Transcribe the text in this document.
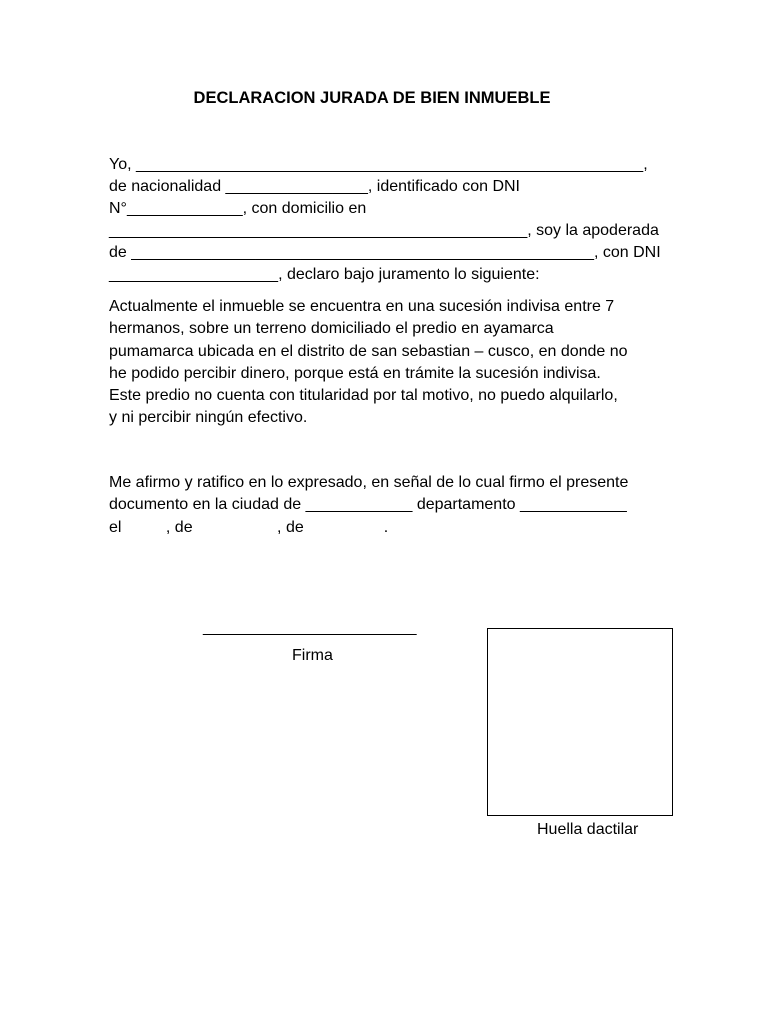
DECLARACION JURADA DE BIEN INMUEBLE
Yo, _________________________________________________________,
de nacionalidad ________________, identificado con DNI
N°_____________, con domicilio en
_______________________________________________, soy la apoderada
de ____________________________________________________, con DNI
___________________, declaro bajo juramento lo siguiente:
Actualmente el inmueble se encuentra en una sucesión indivisa entre 7
hermanos, sobre un terreno domiciliado el predio en ayamarca
pumamarca ubicada en el distrito de san sebastian – cusco, en donde no
he podido percibir dinero, porque está en trámite la sucesión indivisa.
Este predio no cuenta con titularidad por tal motivo, no puedo alquilarlo,
y ni percibir ningún efectivo.
Me afirmo y ratifico en lo expresado, en señal de lo cual firmo el presente
documento en la ciudad de ____________ departamento ____________
el          , de                   , de                  .
________________________
Firma
Huella dactilar
